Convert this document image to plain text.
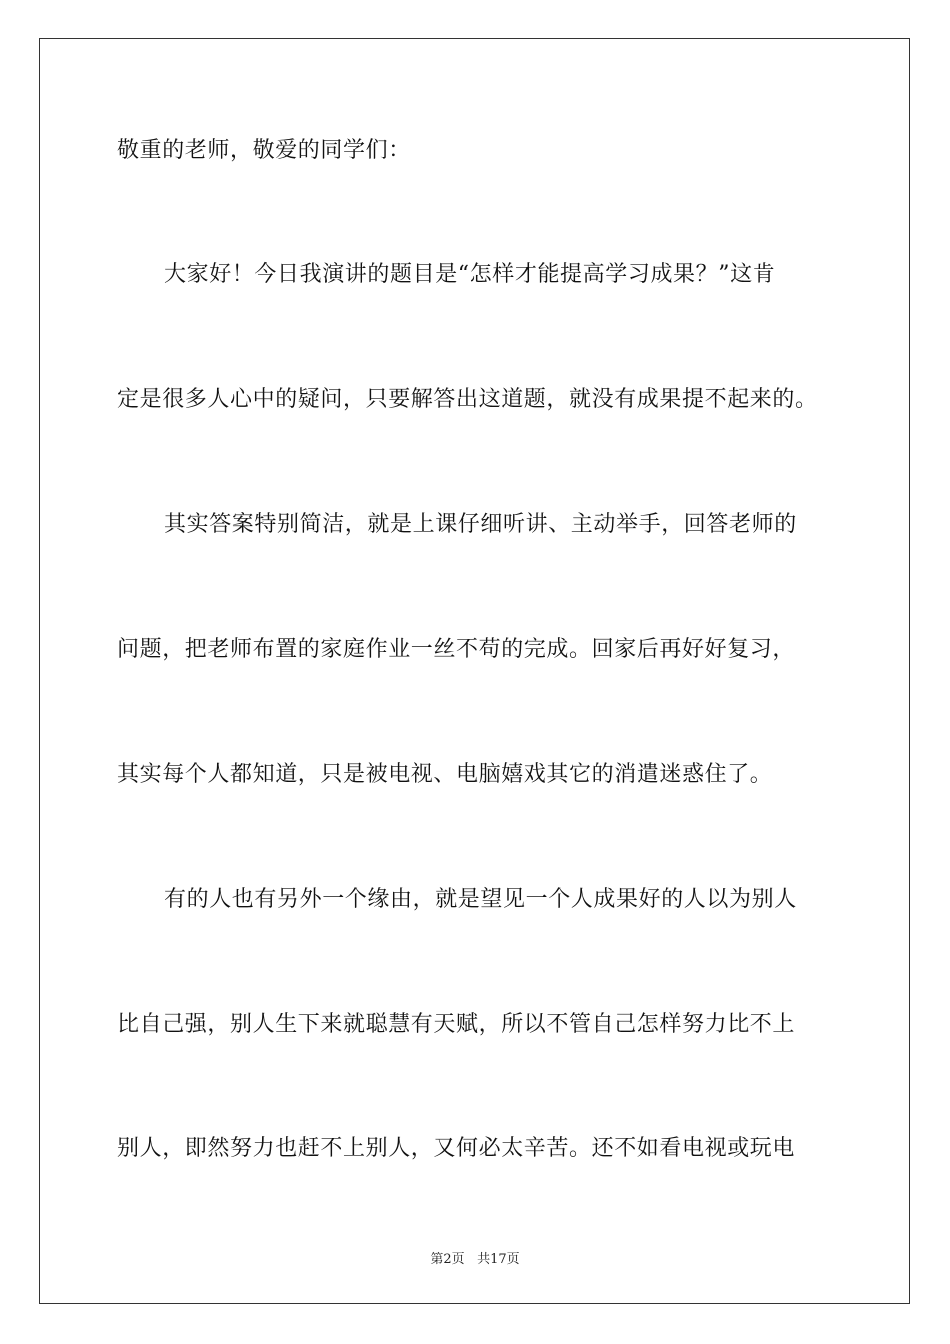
敬重的老师，敬爱的同学们：
大家好！今日我演讲的题目是“怎样才能提高学习成果？”这肯
定是很多人心中的疑问，只要解答出这道题，就没有成果提不起来的。
其实答案特别简洁，就是上课仔细听讲、主动举手，回答老师的
问题，把老师布置的家庭作业一丝不苟的完成。回家后再好好复习，
其实每个人都知道，只是被电视、电脑嬉戏其它的消遣迷惑住了。
有的人也有另外一个缘由，就是望见一个人成果好的人以为别人
比自己强，别人生下来就聪慧有天赋，所以不管自己怎样努力比不上
别人，即然努力也赶不上别人，又何必太辛苦。还不如看电视或玩电
第2页 共17页
